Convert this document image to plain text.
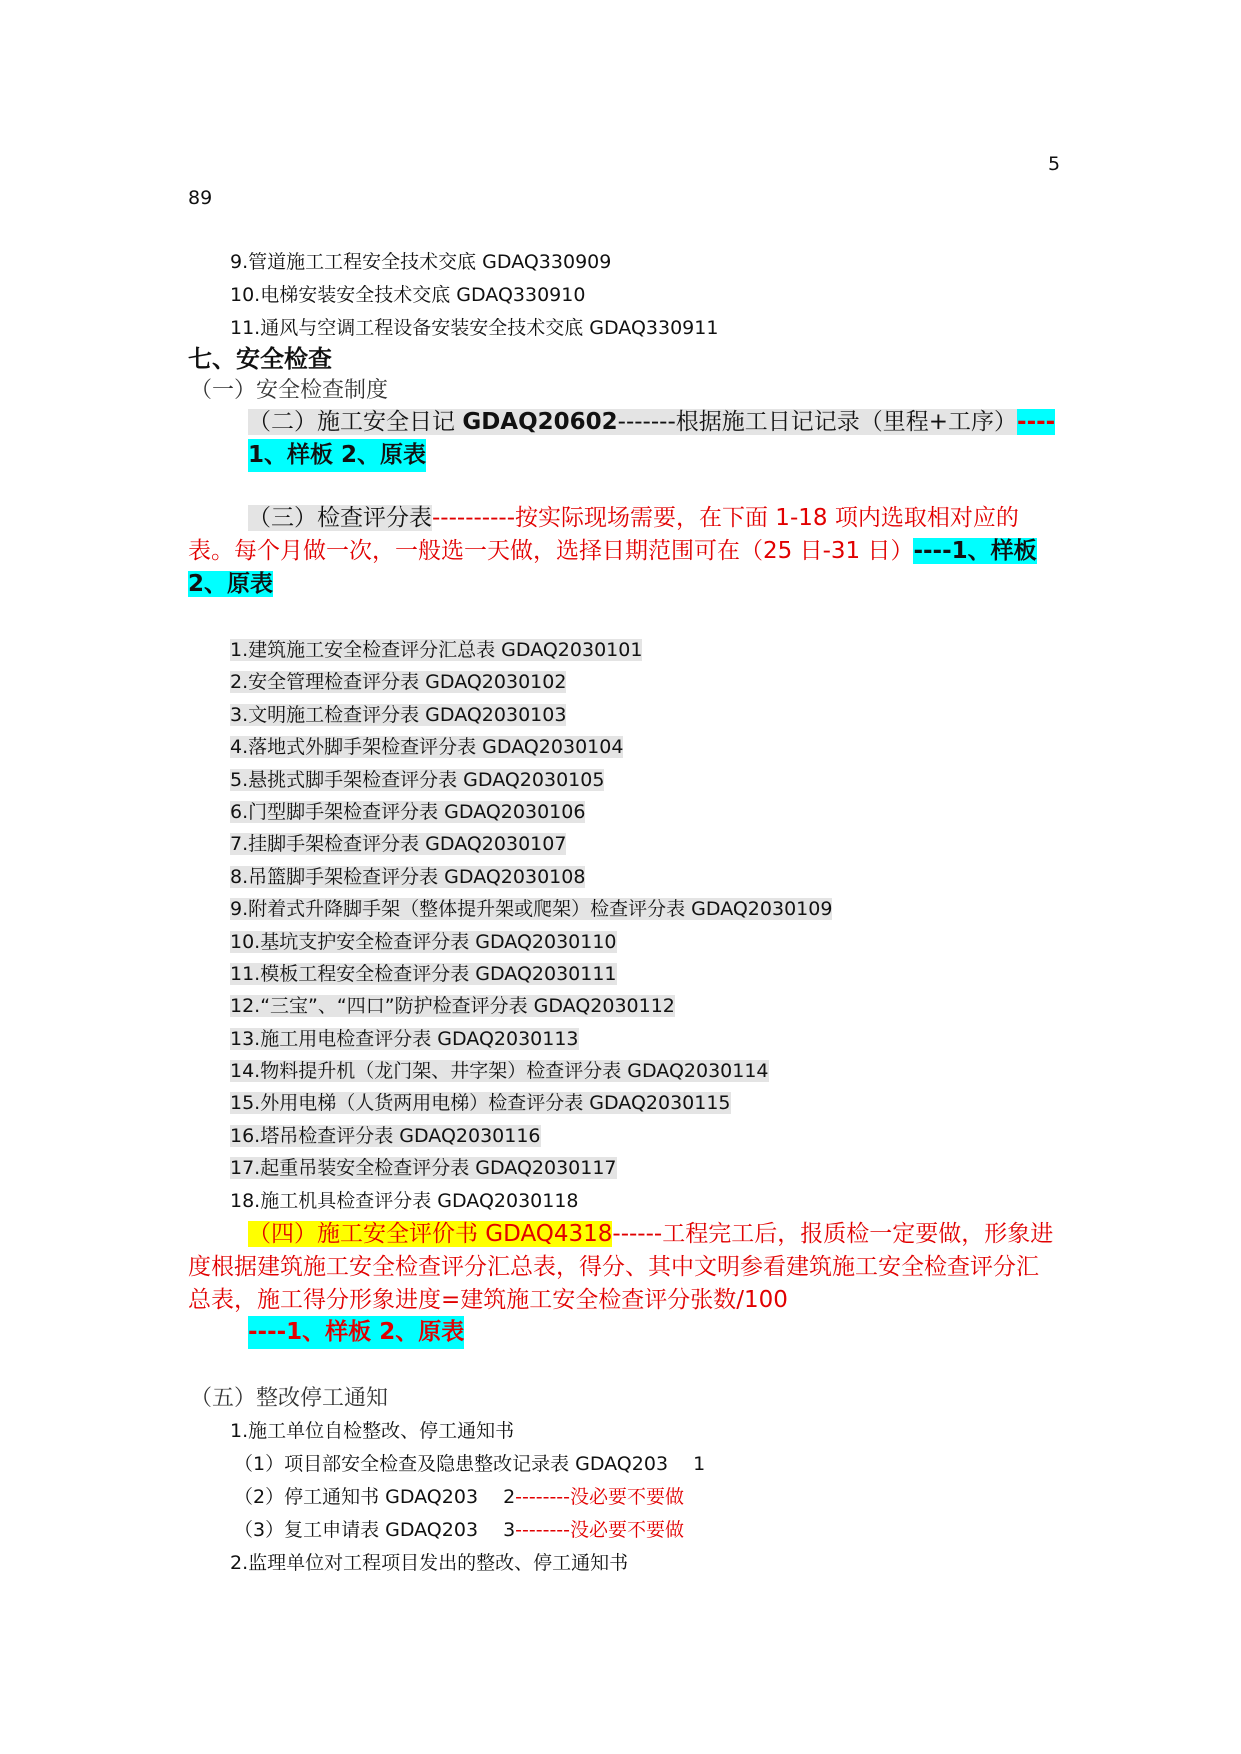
5
89
9.管道施工工程安全技术交底 GDAQ330909
10.电梯安装安全技术交底 GDAQ330910
11.通风与空调工程设备安装安全技术交底 GDAQ330911
七、安全检查
（一）安全检查制度
（二）施工安全日记 GDAQ20602-------根据施工日记记录（里程+工序）----
1、样板 2、原表
（三）检查评分表----------按实际现场需要，在下面 1-18 项内选取相对应的表。每个月做一次，一般选一天做，选择日期范围可在（25 日-31 日）----1、样板 2、原表
1.建筑施工安全检查评分汇总表 GDAQ2030101
2.安全管理检查评分表 GDAQ2030102
3.文明施工检查评分表 GDAQ2030103
4.落地式外脚手架检查评分表 GDAQ2030104
5.悬挑式脚手架检查评分表 GDAQ2030105
6.门型脚手架检查评分表 GDAQ2030106
7.挂脚手架检查评分表 GDAQ2030107
8.吊篮脚手架检查评分表 GDAQ2030108
9.附着式升降脚手架（整体提升架或爬架）检查评分表 GDAQ2030109
10.基坑支护安全检查评分表 GDAQ2030110
11.模板工程安全检查评分表 GDAQ2030111
12.“三宝”、“四口”防护检查评分表 GDAQ2030112
13.施工用电检查评分表 GDAQ2030113
14.物料提升机（龙门架、井字架）检查评分表 GDAQ2030114
15.外用电梯（人货两用电梯）检查评分表 GDAQ2030115
16.塔吊检查评分表 GDAQ2030116
17.起重吊装安全检查评分表 GDAQ2030117
18.施工机具检查评分表 GDAQ2030118
（四）施工安全评价书 GDAQ4318------工程完工后，报质检一定要做，形象进度根据建筑施工安全检查评分汇总表，得分、其中文明参看建筑施工安全检查评分汇总表，施工得分形象进度=建筑施工安全检查评分张数/100
----1、样板 2、原表
（五）整改停工通知
1.施工单位自检整改、停工通知书
（1）项目部安全检查及隐患整改记录表 GDAQ203　 1
（2）停工通知书 GDAQ203　 2--------没必要不要做
（3）复工申请表 GDAQ203　 3--------没必要不要做
2.监理单位对工程项目发出的整改、停工通知书
